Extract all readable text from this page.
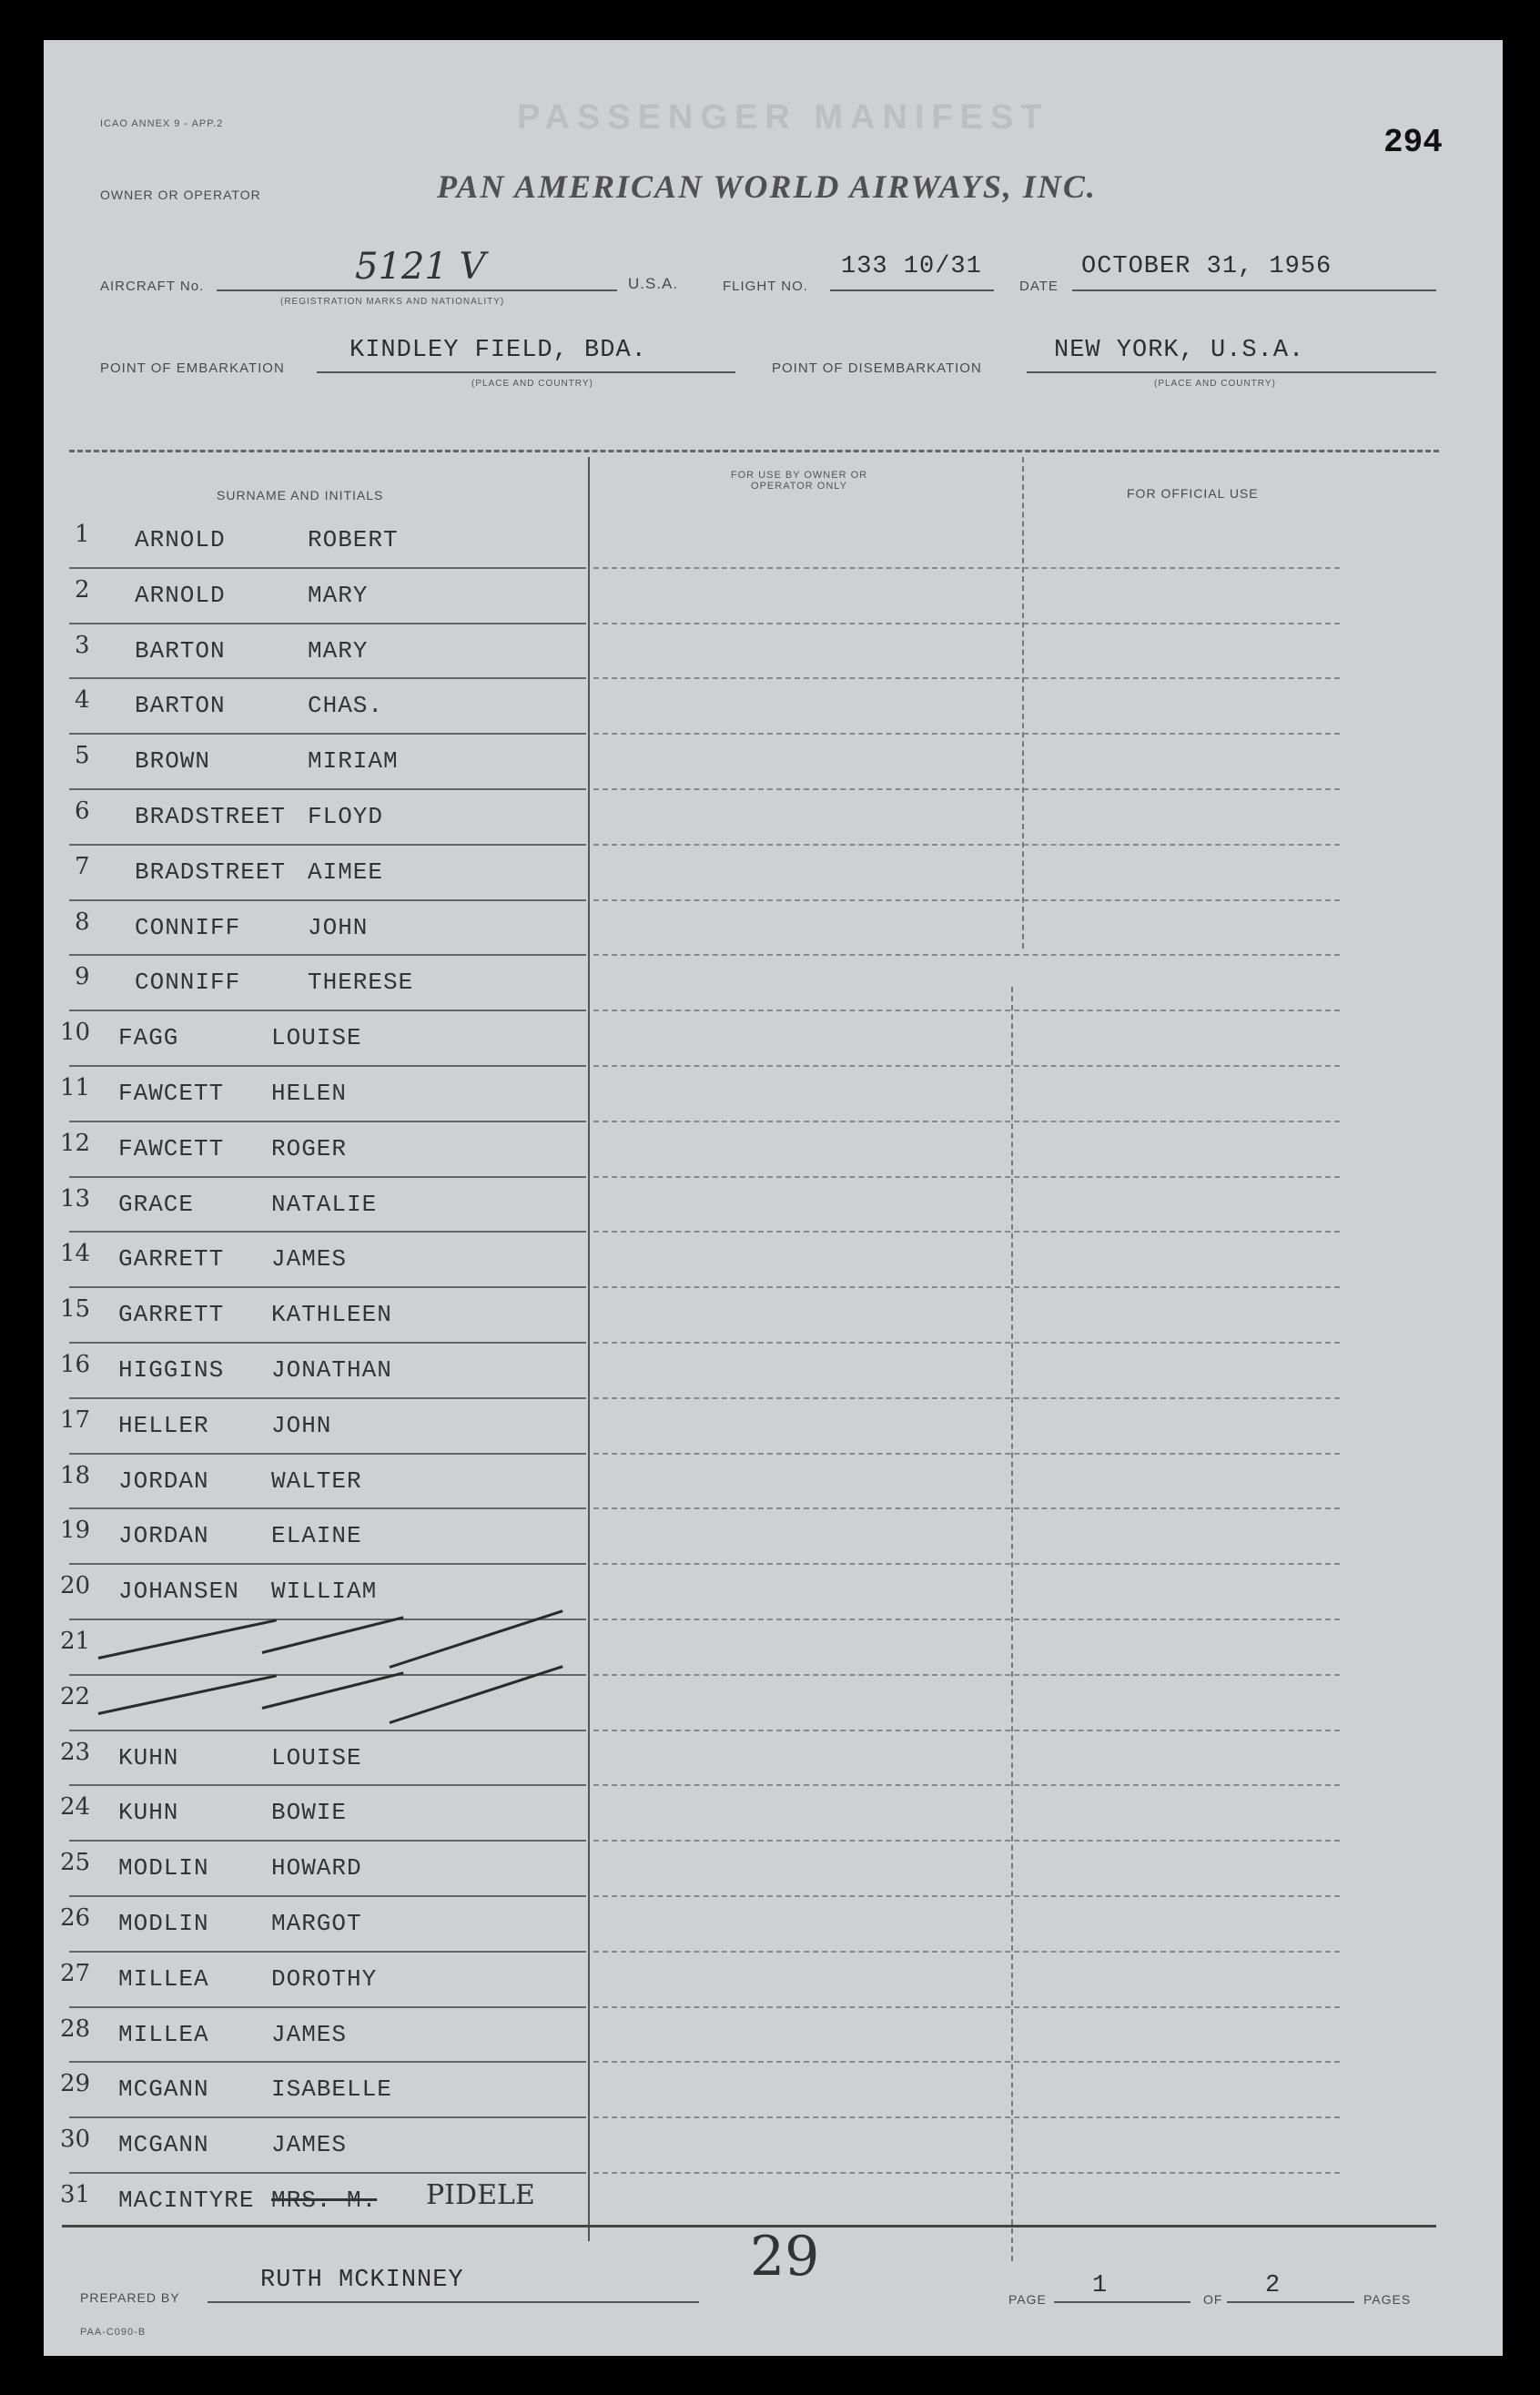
ICAO ANNEX 9 - APP.2	PASSENGER MANIFEST
294
OWNER OR OPERATOR	PAN AMERICAN WORLD AIRWAYS, INC.
AIRCRAFT No.	5121 V
(REGISTRATION MARKS AND NATIONALITY)
U.S.A.	FLIGHT NO.
133 10/31
DATE
OCTOBER 31, 1956
POINT OF EMBARKATION
KINDLEY FIELD, BDA.
(PLACE AND COUNTRY)
POINT OF DISEMBARKATION
NEW YORK, U.S.A.
(PLACE AND COUNTRY)
SURNAME AND INITIALS
FOR USE BY OWNER OR OPERATOR ONLY	FOR OFFICIAL USE
1 ARNOLD	ROBERT
2 ARNOLD	MARY
3 BARTON	MARY
4 BARTON	CHAS.
5 BROWN	MIRIAM
6 BRADSTREET FLOYD
7 BRADSTREET AIMEE
8 CONNIFF	JOHN
9 CONNIFF	THERESE
10 FAGG	LOUISE
11 FAWCETT HELEN
12 FAWCETT ROGER
13 GRACE	NATALIE
14 GARRETT JAMES
15 GARRETT KATHLEEN
16 HIGGINS JONATHAN
17 HELLER	JOHN
18 JORDAN	WALTER
19 JORDAN	ELAINE
20 JOHANSEN WILLIAM
21
22
23 KUHN	LOUISE
24 KUHN	BOWIE
25 MODLIN	HOWARD
26 MODLIN	MARGOT
27 MILLEA	DOROTHY
28 MILLEA	JAMES
29 MCGANN	ISABELLE
30 MCGANN	JAMES
31 MACINTYRE MRS. M. PIDELE
PREPARED BY
RUTH MCKINNEY	29
PAGE 1	OF 2	PAGES
PAA-C090-B
